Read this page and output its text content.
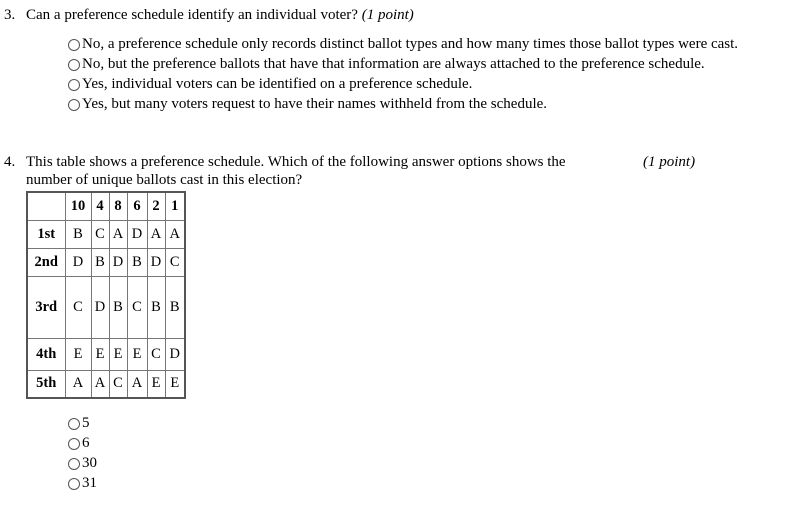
3. Can a preference schedule identify an individual voter? (1 point)
No, a preference schedule only records distinct ballot types and how many times those ballot types were cast.
No, but the preference ballots that have that information are always attached to the preference schedule.
Yes, individual voters can be identified on a preference schedule.
Yes, but many voters request to have their names withheld from the schedule.
4. This table shows a preference schedule. Which of the following answer options shows the	(1 point)
number of unique ballots cast in this election?
	10	4	8	6	2	1
1st	B	C	A	D	A	A
2nd	D	B	D	B	D	C
3rd	C	D	B	C	B	B
4th	E	E	E	E	C	D
5th	A	A	C	A	E	E
5
6
30
31
